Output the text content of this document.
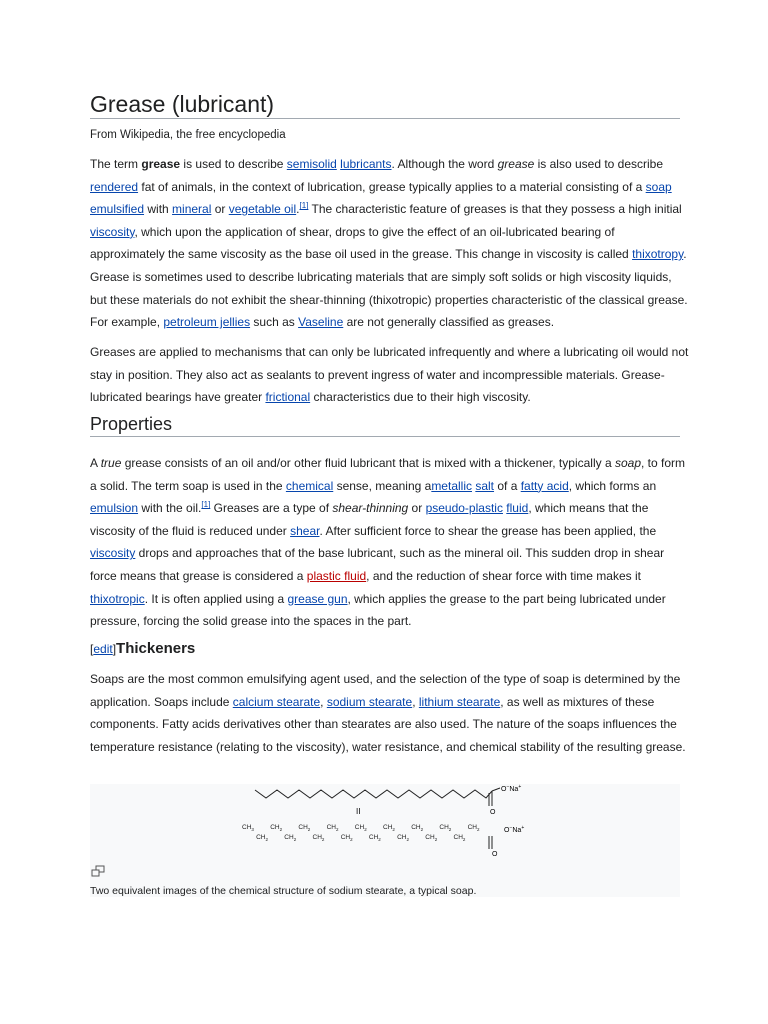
Grease (lubricant)
From Wikipedia, the free encyclopedia

The term grease is used to describe semisolid lubricants. Although the word grease is also used to describe rendered fat of animals, in the context of lubrication, grease typically applies to a material consisting of a soap emulsified with mineral or vegetable oil.[1] The characteristic feature of greases is that they possess a high initial viscosity, which upon the application of shear, drops to give the effect of an oil-lubricated bearing of approximately the same viscosity as the base oil used in the grease. This change in viscosity is called thixotropy. Grease is sometimes used to describe lubricating materials that are simply soft solids or high viscosity liquids, but these materials do not exhibit the shear-thinning (thixotropic) properties characteristic of the classical grease. For example, petroleum jellies such as Vaseline are not generally classified as greases.

Greases are applied to mechanisms that can only be lubricated infrequently and where a lubricating oil would not stay in position. They also act as sealants to prevent ingress of water and incompressible materials. Grease-lubricated bearings have greater frictional characteristics due to their high viscosity.

Properties

A true grease consists of an oil and/or other fluid lubricant that is mixed with a thickener, typically a soap, to form a solid. The term soap is used in the chemical sense, meaning ametallic salt of a fatty acid, which forms an emulsion with the oil.[1] Greases are a type of shear-thinning or pseudo-plastic fluid, which means that the viscosity of the fluid is reduced under shear. After sufficient force to shear the grease has been applied, the viscosity drops and approaches that of the base lubricant, such as the mineral oil. This sudden drop in shear force means that grease is considered a plastic fluid, and the reduction of shear force with time makes it thixotropic. It is often applied using a grease gun, which applies the grease to the part being lubricated under pressure, forcing the solid grease into the spaces in the part.

[edit]Thickeners

Soaps are the most common emulsifying agent used, and the selection of the type of soap is determined by the application. Soaps include calcium stearate, sodium stearate, lithium stearate, as well as mixtures of these components. Fatty acids derivatives other than stearates are also used. The nature of the soaps influences the temperature resistance (relating to the viscosity), water resistance, and chemical stability of the resulting grease.

O
O−Na+
II
$CH_3$
$CH_2$
$CH_2$
$CH_2$
$CH_2$
$CH_2$
$CH_2$
$CH_2$
$CH_2$
$CH_2$
$CH_2$
$CH_2$
$CH_2$
$CH_2$
$CH_2$
$CH_2$
$CH_2$
O
O−Na+
Two equivalent images of the chemical structure of sodium stearate, a typical soap.
